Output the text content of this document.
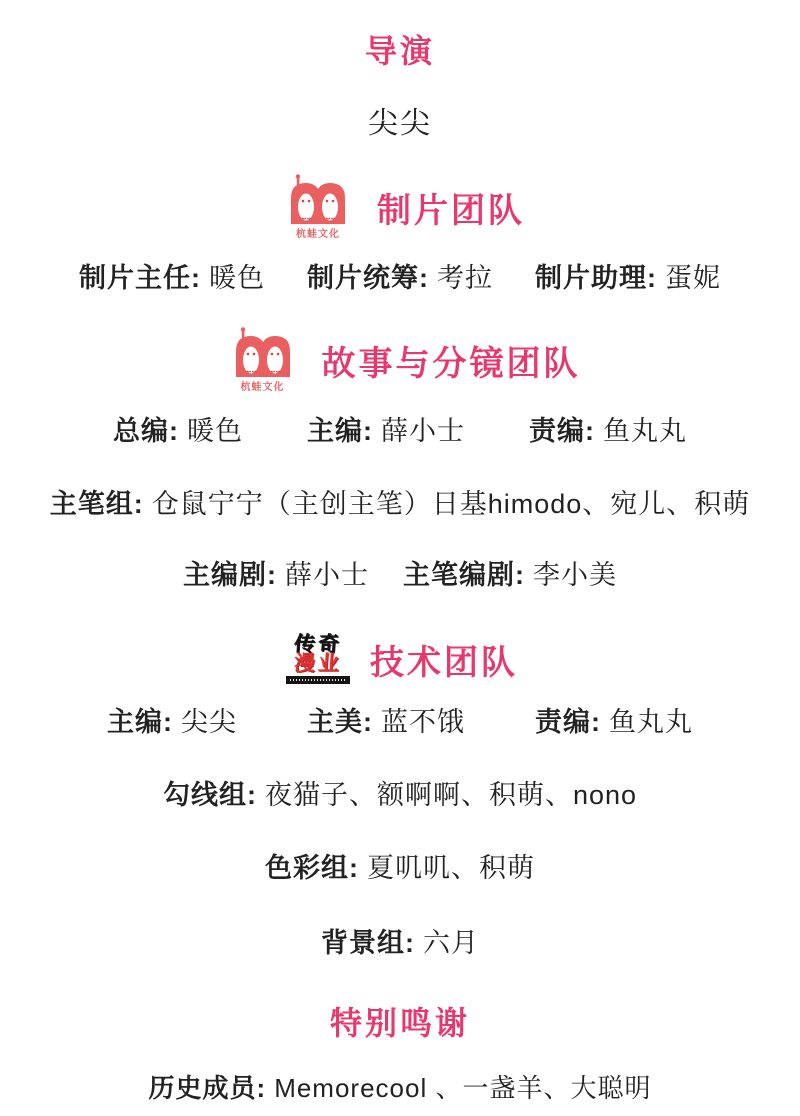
导演
尖尖
杭蛙文化
制片团队
制片主任: 暖色 制片统筹: 考拉 制片助理: 蛋妮
杭蛙文化
故事与分镜团队
总编: 暖色 主编: 薛小士 责编: 鱼丸丸
主笔组: 仓鼠宁宁（主创主笔）日基himodo、宛儿、积萌
主编剧: 薛小士 主笔编剧: 李小美
传奇
漫业 技术团队
主编: 尖尖	主美: 蓝不饿	责编: 鱼丸丸
勾线组: 夜猫子、额啊啊、积萌、nono
色彩组: 夏叽叽、积萌
背景组: 六月
特别鸣谢
历史成员: Memorecool 、一盏羊、大聪明
